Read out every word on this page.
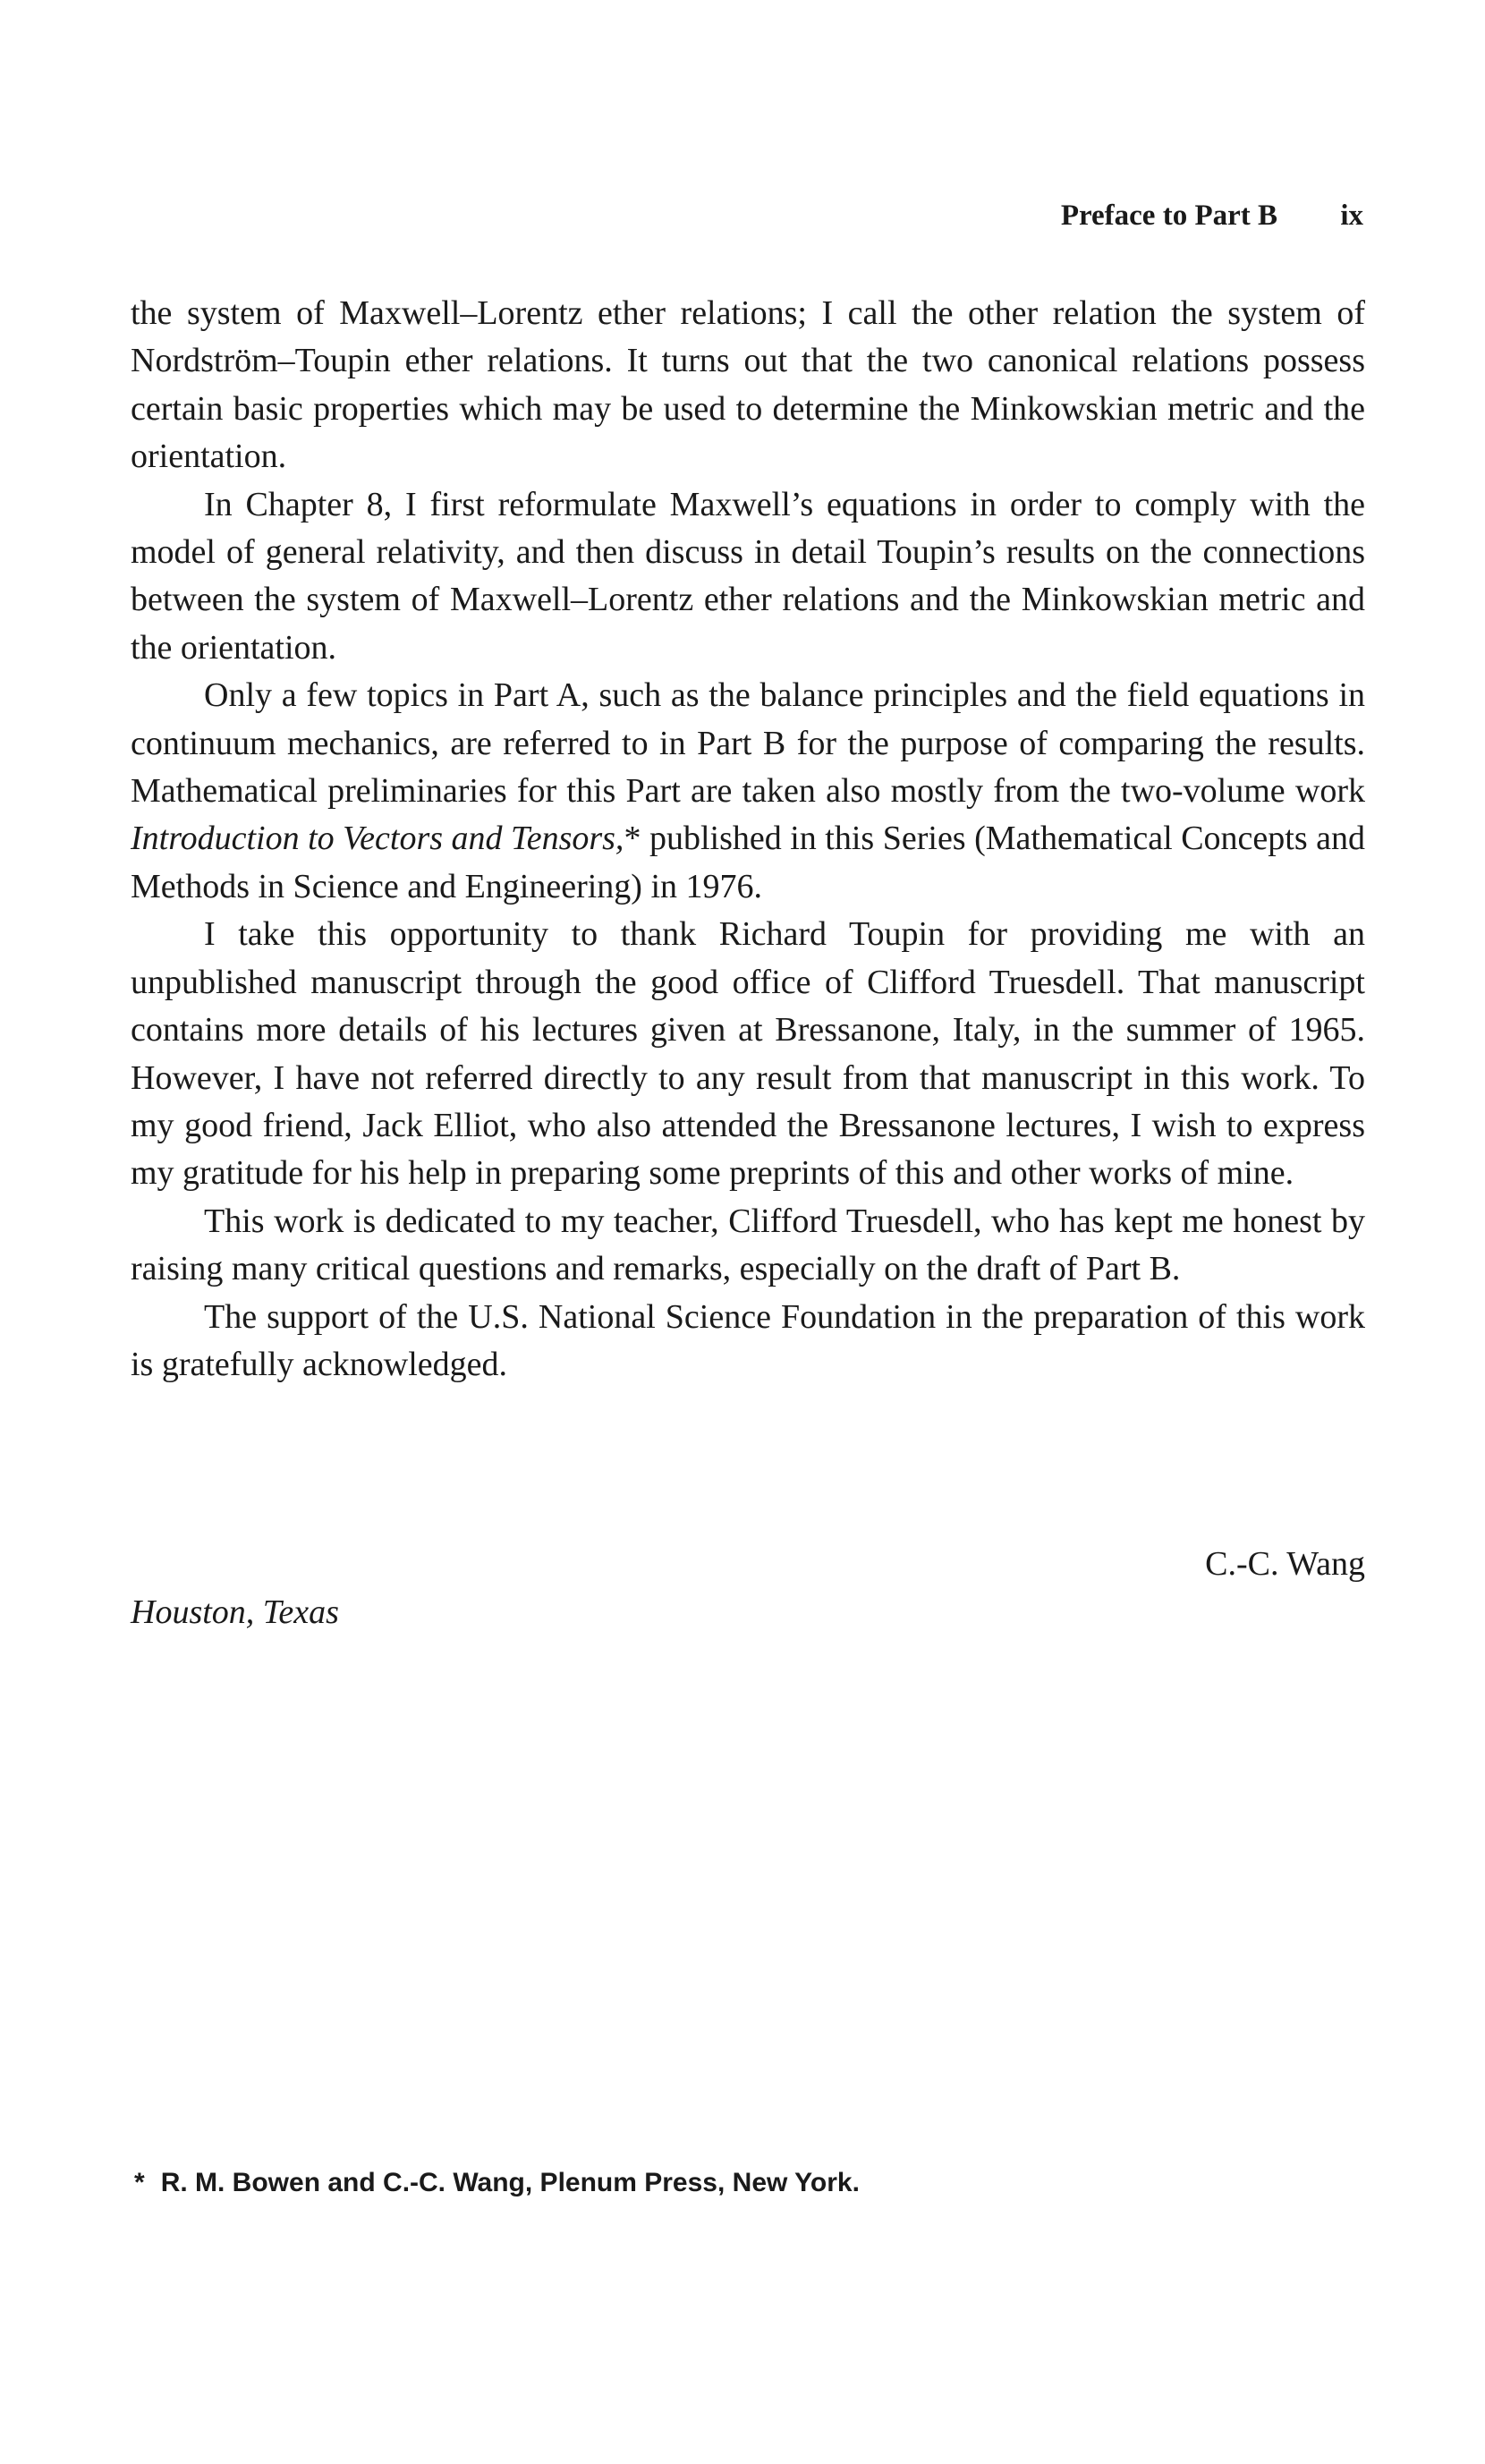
Preface to Part B ix

the system of Maxwell–Lorentz ether relations; I call the other relation the system of Nordström–Toupin ether relations. It turns out that the two canonical relations possess certain basic properties which may be used to determine the Minkowskian metric and the orientation.

In Chapter 8, I first reformulate Maxwell’s equations in order to comply with the model of general relativity, and then discuss in detail Toupin’s results on the connections between the system of Maxwell–Lorentz ether relations and the Minkowskian metric and the orientation.

Only a few topics in Part A, such as the balance principles and the field equations in continuum mechanics, are referred to in Part B for the purpose of comparing the results. Mathematical preliminaries for this Part are taken also mostly from the two-volume work Introduction to Vectors and Tensors,* published in this Series (Mathematical Concepts and Methods in Science and Engineering) in 1976.

I take this opportunity to thank Richard Toupin for providing me with an unpublished manuscript through the good office of Clifford Truesdell. That manuscript contains more details of his lectures given at Bressanone, Italy, in the summer of 1965. However, I have not referred directly to any result from that manuscript in this work. To my good friend, Jack Elliot, who also attended the Bressanone lectures, I wish to express my gratitude for his help in preparing some preprints of this and other works of mine.

This work is dedicated to my teacher, Clifford Truesdell, who has kept me honest by raising many critical questions and remarks, especially on the draft of Part B.

The support of the U.S. National Science Foundation in the preparation of this work is gratefully acknowledged.

C.-C. Wang
Houston, Texas
* R. M. Bowen and C.-C. Wang, Plenum Press, New York.
